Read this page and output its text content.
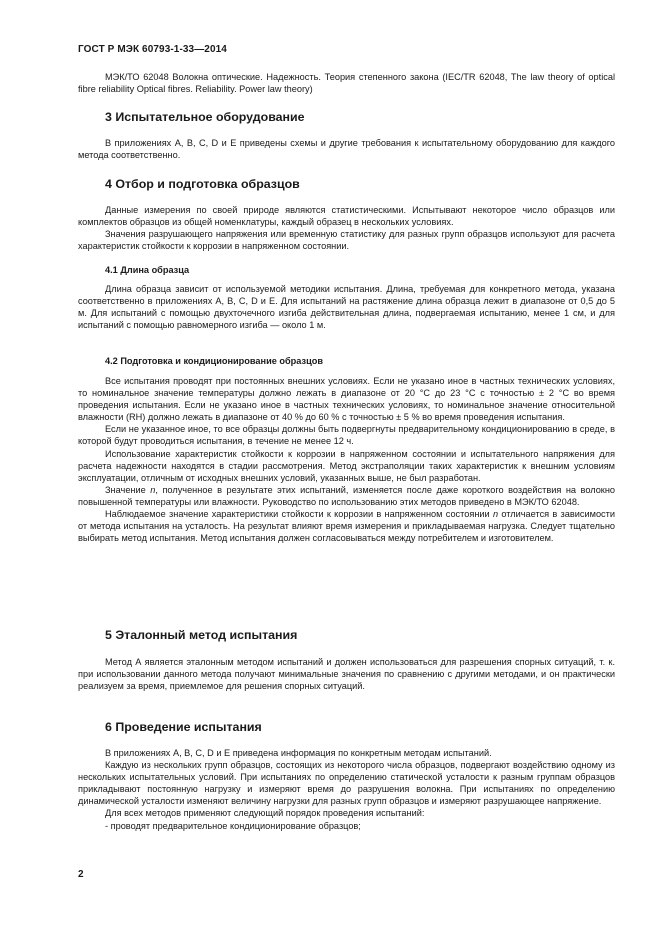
ГОСТ Р МЭК 60793-1-33—2014

МЭК/ТО 62048 Волокна оптические. Надежность. Теория степенного закона (IEC/TR 62048, The law theory of optical fibre reliability Optical fibres. Reliability. Power law theory)

3 Испытательное оборудование

В приложениях А, В, С, D и Е приведены схемы и другие требования к испытательному оборудованию для каждого метода соответственно.

4 Отбор и подготовка образцов

Данные измерения по своей природе являются статистическими. Испытывают некоторое число образцов или комплектов образцов из общей номенклатуры, каждый образец в нескольких условиях.

Значения разрушающего напряжения или временную статистику для разных групп образцов используют для расчета характеристик стойкости к коррозии в напряженном состоянии.

4.1 Длина образца

Длина образца зависит от используемой методики испытания. Длина, требуемая для конкретного метода, указана соответственно в приложениях А, В, С, D и Е. Для испытаний на растяжение длина образца лежит в диапазоне от 0,5 до 5 м. Для испытаний с помощью двухточечного изгиба действительная длина, подвергаемая испытанию, менее 1 см, и для испытаний с помощью равномерного изгиба — около 1 м.

4.2 Подготовка и кондиционирование образцов

Все испытания проводят при постоянных внешних условиях. Если не указано иное в частных технических условиях, то номинальное значение температуры должно лежать в диапазоне от 20 °С до 23 °С с точностью ± 2 °С во время проведения испытания. Если не указано иное в частных технических условиях, то номинальное значение относительной влажности (RH) должно лежать в диапазоне от 40 % до 60 % с точностью ± 5 % во время проведения испытания.

Если не указанное иное, то все образцы должны быть подвергнуты предварительному кондиционированию в среде, в которой будут проводиться испытания, в течение не менее 12 ч.

Использование характеристик стойкости к коррозии в напряженном состоянии и испытательного напряжения для расчета надежности находятся в стадии рассмотрения. Метод экстраполяции таких характеристик к внешним условиям эксплуатации, отличным от исходных внешних условий, указанных выше, не был разработан.

Значение n, полученное в результате этих испытаний, изменяется после даже короткого воздействия на волокно повышенной температуры или влажности. Руководство по использованию этих методов приведено в МЭК/ТО 62048.

Наблюдаемое значение характеристики стойкости к коррозии в напряженном состоянии n отличается в зависимости от метода испытания на усталость. На результат влияют время измерения и прикладываемая нагрузка. Следует тщательно выбирать метод испытания. Метод испытания должен согласовываться между потребителем и изготовителем.

5 Эталонный метод испытания

Метод А является эталонным методом испытаний и должен использоваться для разрешения спорных ситуаций, т. к. при использовании данного метода получают минимальные значения по сравнению с другими методами, и он практически реализуем за время, приемлемое для решения спорных ситуаций.

6 Проведение испытания

В приложениях А, В, С, D и Е приведена информация по конкретным методам испытаний.

Каждую из нескольких групп образцов, состоящих из некоторого числа образцов, подвергают воздействию одному из нескольких испытательных условий. При испытаниях по определению статической усталости к разным группам образцов прикладывают постоянную нагрузку и измеряют время до разрушения волокна. При испытаниях по определению динамической усталости изменяют величину нагрузки для разных групп образцов и измеряют разрушающее напряжение.

Для всех методов применяют следующий порядок проведения испытаний:

- проводят предварительное кондиционирование образцов;

2
